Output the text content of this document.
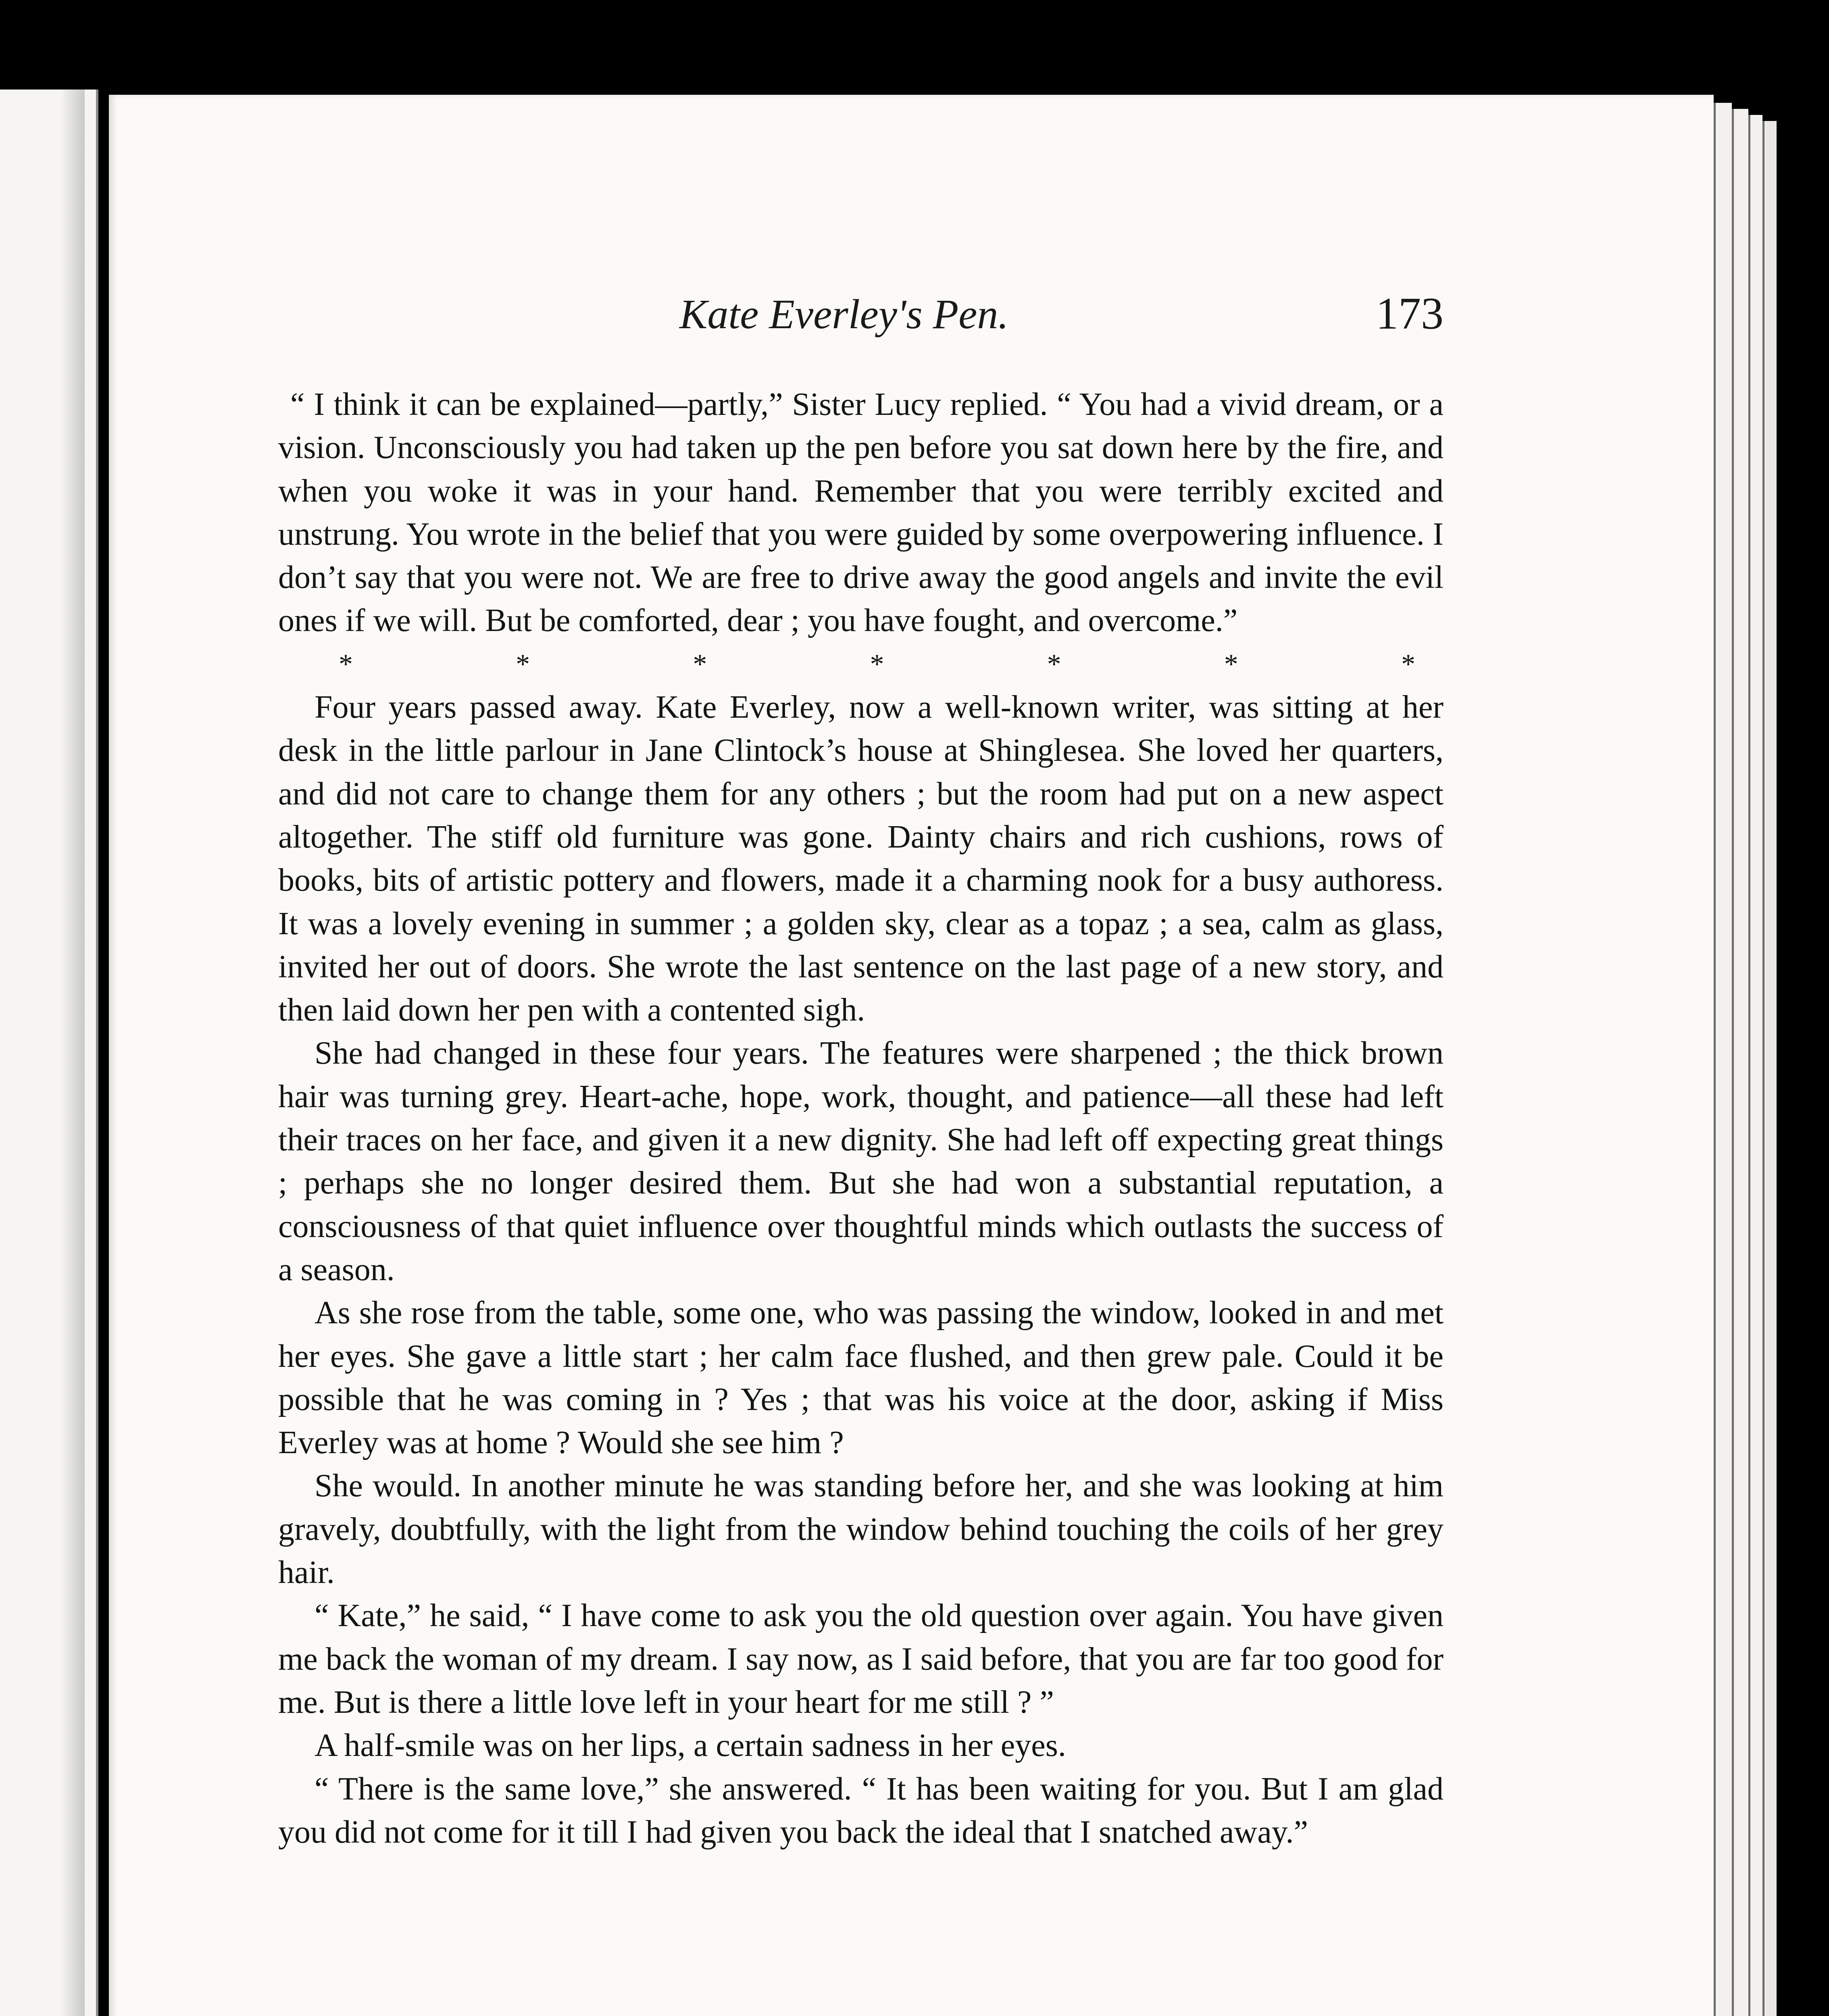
Kate Everley's Pen.	173

“ I think it can be explained—partly,” Sister Lucy replied. “ You had a vivid dream, or a vision. Unconsciously you had taken up the pen before you sat down here by the fire, and when you woke it was in your hand. Remember that you were terribly excited and unstrung. You wrote in the belief that you were guided by some overpowering influence. I don’t say that you were not. We are free to drive away the good angels and invite the evil ones if we will. But be comforted, dear ; you have fought, and overcome.”

*	*	*	*	*	*	*

Four years passed away. Kate Everley, now a well-known writer, was sitting at her desk in the little parlour in Jane Clintock’s house at Shinglesea. She loved her quarters, and did not care to change them for any others ; but the room had put on a new aspect altogether. The stiff old furniture was gone. Dainty chairs and rich cushions, rows of books, bits of artistic pottery and flowers, made it a charming nook for a busy authoress. It was a lovely evening in summer ; a golden sky, clear as a topaz ; a sea, calm as glass, invited her out of doors. She wrote the last sentence on the last page of a new story, and then laid down her pen with a contented sigh.

She had changed in these four years. The features were sharpened ; the thick brown hair was turning grey. Heart-ache, hope, work, thought, and patience—all these had left their traces on her face, and given it a new dignity. She had left off expecting great things ; perhaps she no longer desired them. But she had won a substantial reputation, a consciousness of that quiet influence over thoughtful minds which outlasts the success of a season.

As she rose from the table, some one, who was passing the window, looked in and met her eyes. She gave a little start ; her calm face flushed, and then grew pale. Could it be possible that he was coming in ? Yes ; that was his voice at the door, asking if Miss Everley was at home ? Would she see him ?

She would. In another minute he was standing before her, and she was looking at him gravely, doubtfully, with the light from the window behind touching the coils of her grey hair.

“ Kate,” he said, “ I have come to ask you the old question over again. You have given me back the woman of my dream. I say now, as I said before, that you are far too good for me. But is there a little love left in your heart for me still ? ”

A half-smile was on her lips, a certain sadness in her eyes.

“ There is the same love,” she answered. “ It has been waiting for you. But I am glad you did not come for it till I had given you back the ideal that I snatched away.”
